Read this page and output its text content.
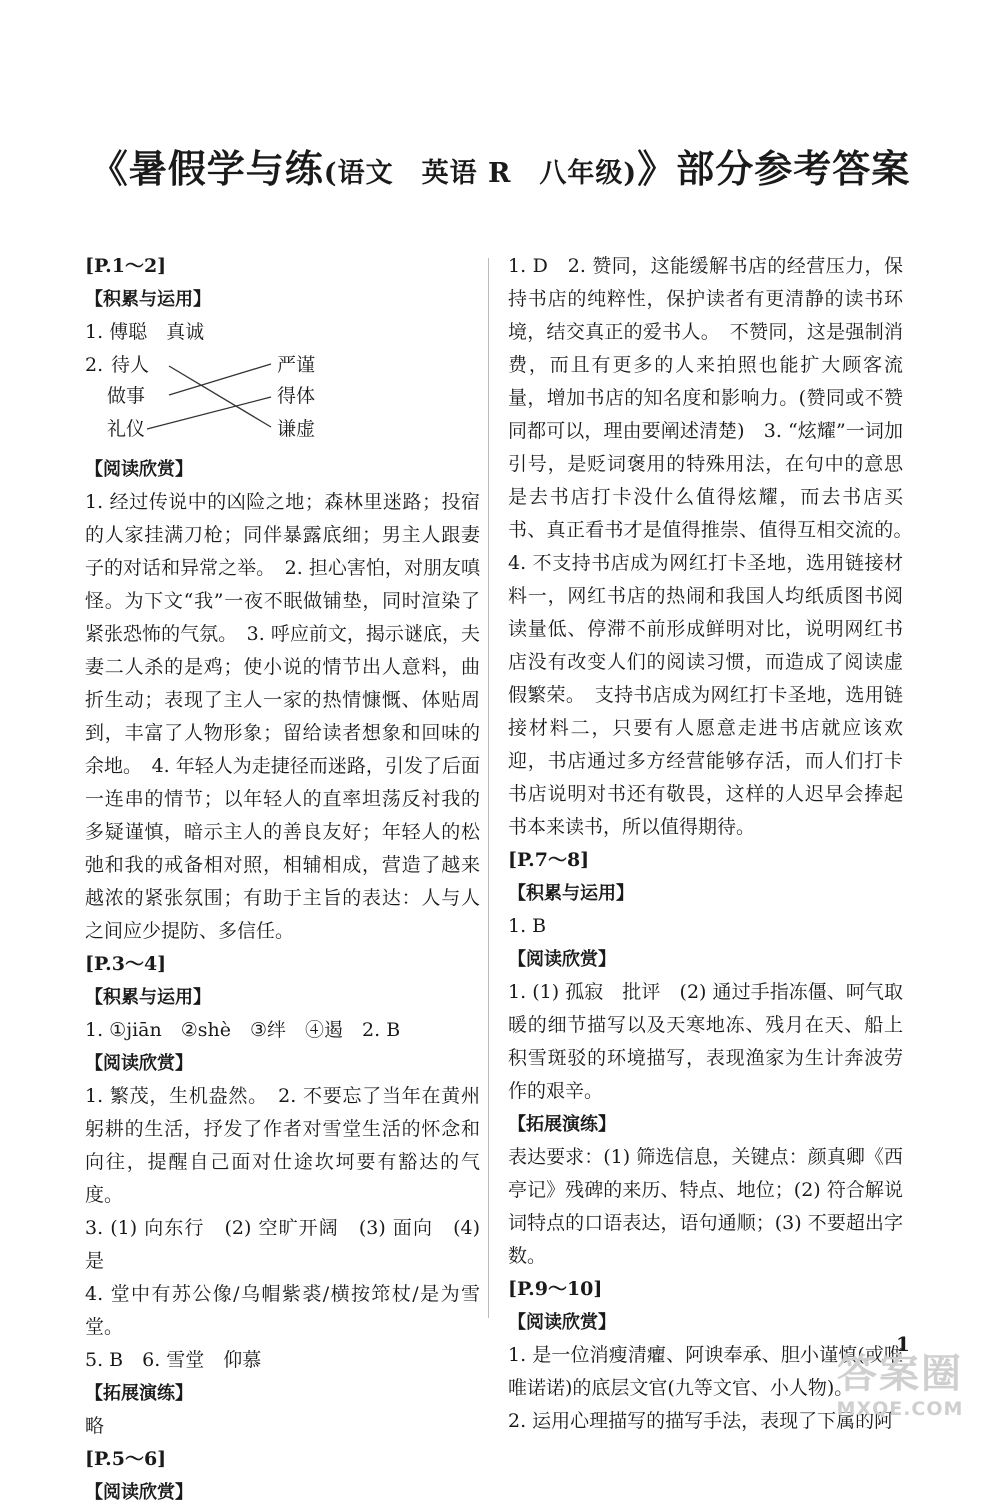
《暑假学与练(语文　英语 R　八年级)》部分参考答案

[P.1～2]

【积累与运用】

1. 傅聪　真诚

2. 待人
做事
礼仪
严谨
得体
谦虚

【阅读欣赏】

1. 经过传说中的凶险之地；森林里迷路；投宿的人家挂满刀枪；同伴暴露底细；男主人跟妻子的对话和异常之举。　2. 担心害怕，对朋友嗔怪。为下文“我”一夜不眠做铺垫，同时渲染了紧张恐怖的气氛。　3. 呼应前文，揭示谜底，夫妻二人杀的是鸡；使小说的情节出人意料，曲折生动；表现了主人一家的热情慷慨、体贴周到，丰富了人物形象；留给读者想象和回味的余地。　4. 年轻人为走捷径而迷路，引发了后面一连串的情节；以年轻人的直率坦荡反衬我的多疑谨慎，暗示主人的善良友好；年轻人的松弛和我的戒备相对照，相辅相成，营造了越来越浓的紧张氛围；有助于主旨的表达：人与人之间应少提防、多信任。

[P.3～4]

【积累与运用】

1. ①jiān　②shè　③绊　④遏　2. B

【阅读欣赏】

1. 繁茂，生机盎然。　2. 不要忘了当年在黄州躬耕的生活，抒发了作者对雪堂生活的怀念和向往，提醒自己面对仕途坎坷要有豁达的气度。

3. (1) 向东行　(2) 空旷开阔　(3) 面向　(4) 是

4. 堂中有苏公像/乌帽紫裘/横按筇杖/是为雪堂。

5. B　6. 雪堂　仰慕

【拓展演练】

略

[P.5～6]

【阅读欣赏】

1. D　2. 赞同，这能缓解书店的经营压力，保持书店的纯粹性，保护读者有更清静的读书环境，结交真正的爱书人。　不赞同，这是强制消费，而且有更多的人来拍照也能扩大顾客流量，增加书店的知名度和影响力。(赞同或不赞同都可以，理由要阐述清楚)　3. “炫耀”一词加引号，是贬词褒用的特殊用法，在句中的意思是去书店打卡没什么值得炫耀，而去书店买书、真正看书才是值得推崇、值得互相交流的。　4. 不支持书店成为网红打卡圣地，选用链接材料一，网红书店的热闹和我国人均纸质图书阅读量低、停滞不前形成鲜明对比，说明网红书店没有改变人们的阅读习惯，而造成了阅读虚假繁荣。　支持书店成为网红打卡圣地，选用链接材料二，只要有人愿意走进书店就应该欢迎，书店通过多方经营能够存活，而人们打卡书店说明对书还有敬畏，这样的人迟早会捧起书本来读书，所以值得期待。

[P.7～8]

【积累与运用】

1. B

【阅读欣赏】

1. (1) 孤寂　批评　(2) 通过手指冻僵、呵气取暖的细节描写以及天寒地冻、残月在天、船上积雪斑驳的环境描写，表现渔家为生计奔波劳作的艰辛。

【拓展演练】

表达要求：(1) 筛选信息，关键点：颜真卿《西亭记》残碑的来历、特点、地位；(2) 符合解说词特点的口语表达，语句通顺；(3) 不要超出字数。

[P.9～10]

【阅读欣赏】

1. 是一位消瘦清癯、阿谀奉承、胆小谨慎(或唯唯诺诺)的底层文官(九等文官、小人物)。

2. 运用心理描写的描写手法，表现了下属的阿

1
答案圈
MXQE.COM
